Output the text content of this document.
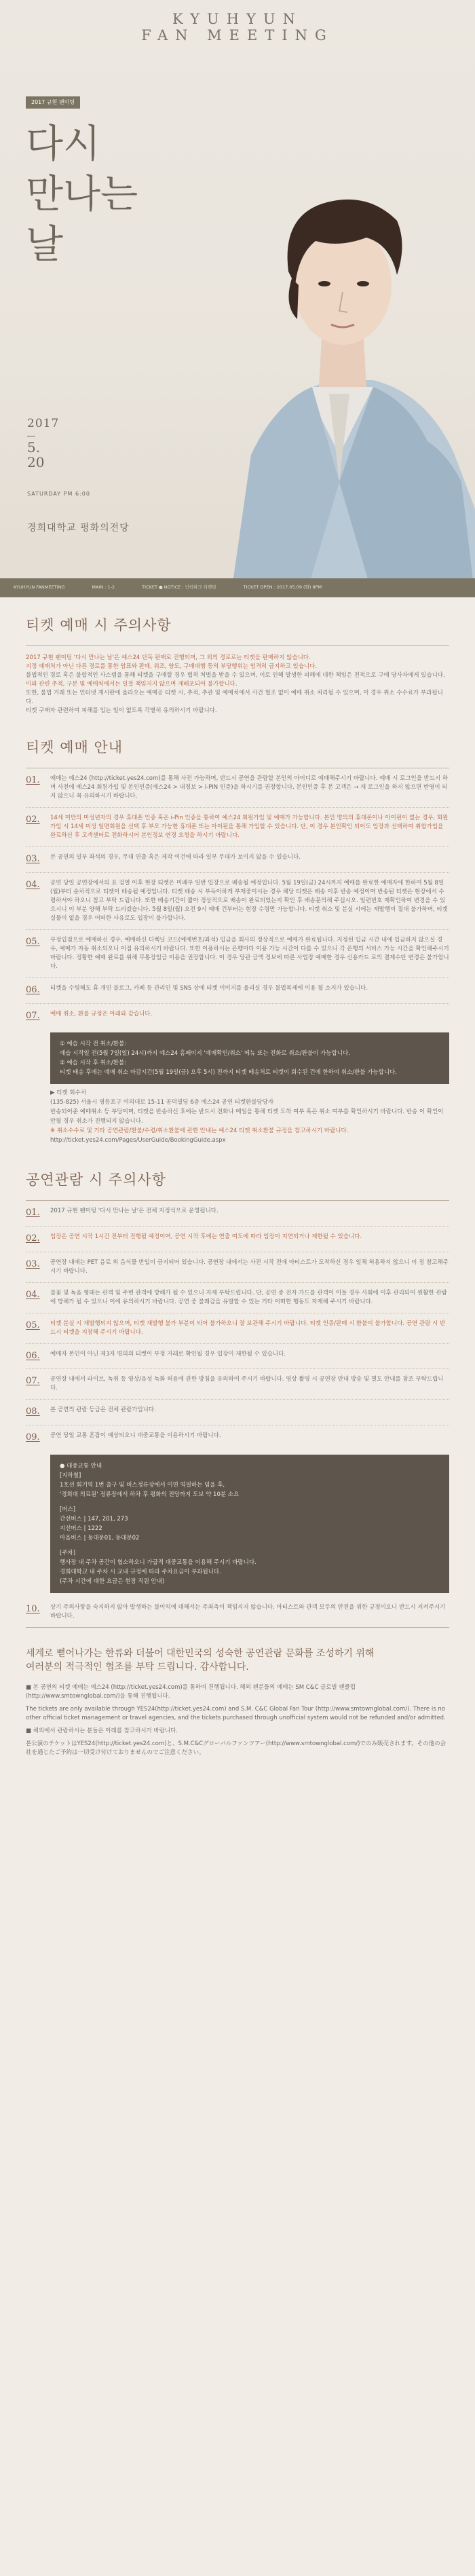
KYUHYUN
FAN MEETING
2017 규현 팬미팅
다시
만나는
날
2017
5.
20
SATURDAY PM 6:00
경희대학교 평화의전당
KYUHYUN FANMEETING	MAIN : 1-2	TICKET ● NOTICE : 인터파크 티켓팅	TICKET OPEN : 2017.05.09 (화) 8PM
티켓 예매 시 주의사항

2017 규현 팬미팅 '다시 만나는 날'은 예스24 단독 판매로 진행되며, 그 외의 경로로는 티켓을 판매하지 않습니다.

지정 예매처가 아닌 다른 경로를 통한 암표와 판매, 위조, 양도, 구매대행 등의 부당행위는 엄격히 금지하고 있습니다.

불법적인 경로 혹은 불합적인 사스템을 통해 티켓을 구매할 경우 법적 처벌을 받을 수 있으며, 이로 인해 발생한 피해에 대한 책임은 전적으로 구매 당사자에게 있습니다.

이와 관련 추적, 구분 및 예매처에서는 일절 책임지지 않으며 재배포되어 불가합니다.

또한, 불법 거래 또는 인터넷 게시판에 올라오는 예매공 티켓 시, 추적, 추관 및 예매처에서 사건 협조 없이 예매 취소 처리될 수 있으며, 이 경우 취소 수수료가 부과됩니다.

티켓 구매자 관련하여 피해를 입는 일이 없도록 각별히 유의하시기 바랍니다.

티켓 예매 안내
01.	예매는 예스24 (http://ticket.yes24.com)를 통해 사전 가능하며, 반드시 공연을 관람할 본인의 아이디로 예매해주시기 바랍니다. 예매 시 로그인을 반드시 하며 사전에 예스24 회원가입 및 본인인증(예스24 > 내정보 > i-PIN 인증)을 하시기를 권장합니다. 본인인증 후 본 고객은 → 재 로그인을 하지 않으면 반영이 되지 않으니 꼭 유의하시기 바랍니다.
02.	14세 미만의 미성년자의 경우 휴대폰 인증 혹은 i-Pin 인증을 통하여 예스24 회원가입 및 예매가 가능합니다. 본인 명의의 휴대폰이나 아이핀이 없는 경우, 회원 가입 시 14세 미성 일면회원을 선택 후 부모 가능한 휴대폰 또는 아이핀을 통해 가입할 수 있습니다. 단, 이 경우 본인확인 되어도 입장과 선택하여 취합가입을 완료하신 후 고객센터로 전화하시어 본인정보 변경 요청을 하시기 바랍니다.
03.	본 공연의 일부 좌석의 경우, 무대 연출 혹은 제작 여건에 따라 일부 무대가 보이지 않을 수 있습니다.
04.	공연 당일 공연장에서의 표 검열 이후 현장 티켓은 미배부 일반 입장으로 배송될 예정입니다. 5월 19일(금) 24시까지 예매를 완료한 예매자에 한하여 5월 8일(월)부터 순차적으로 티켓이 배송될 예정입니다. 티켓 배송 시 부득이하게 부재중이시는 경우 해당 티켓은 배송 이후 반송 예정이며 반송된 티켓은 현장에서 수령하셔야 하오니 참고 부탁 드립니다. 또한 배송기간이 짧아 정상적으로 배송이 완료되었는지 확인 후 배송문의해 주십시오. 일련번호 재확인하여 변경을 수 있으시니 이 부분 양해 부탁 드리겠습니다. 5월 8일(월) 오전 9시 예매 건부터는 현장 수령만 가능합니다. 티켓 취소 및 분실 시에는 재발행이 절대 불가하며, 티켓 실물이 없을 경우 어떠한 사유로도 입장이 불가합니다.
05.	부정입점으로 예매하신 경우, 예매하신 디렉닐 코드(예매번호/좌석) 입금을 회사의 정상적으로 예매가 완료됩니다. 지정된 입금 시간 내에 입금하지 않으실 경우, 예매가 자동 취소되오니 이점 유의하시기 바랍니다. 또한 이용하시는 은행마다 이용 가능 시간이 다를 수 있으니 각 은행의 서비스 가능 시간을 확인해주시기 바랍니다. 정황한 예매 완료를 위해 무통장입금 이용을 권장합니다. 이 경우 당관 금액 정보에 따른 사업장 예매한 경우 신용카드 로의 결제수단 변경은 불가합니다.
06.	티켓을 수령해도 휴 개인 불로그, 카페 등 관리인 및 SNS 상에 티켓 이미지를 올리실 경우 불법복제에 이용 될 소지가 있습니다.
07.	예매 취소, 환불 규정은 아래와 같습니다.
① 예습 시각 전 취소/환불:
예습 시작일 전(5월 7일(일) 24시)까지 예스24 홈페이지 '예매확인/취소' 메뉴 또는 전화로 취소/환불이 가능합니다.
② 예습 시작 후 취소/환불:
티켓 배송 후에는 예매 취소 마감시간(5월 19일(금) 오후 5시) 전까지 티켓 배송처로 티켓이 회수된 건에 한하여 취소/환불 가능합니다.
▶ 티켓 회수처
(135-825) 서울시 영등포구 여의대로 15-11 공덕빌딩 6층 예스24 공연 티켓환불담당자
반송되어준 예매취소 등 부당이며, 티켓을 반송하신 후에는 반드시 전화나 메일을 통해 티켓 도착 여부 혹은 취소 여부를 확인하시기 바랍니다. 반송 이 확인이 안될 경우 취소가 진행되지 않습니다.
※ 취소수수료 및 기타 공연관람/환불/수령/취소환불에 관한 안내는 예스24 티켓 취소환불 규정을 참고하시기 바랍니다.
http://ticket.yes24.com/Pages/UserGuide/BookingGuide.aspx
공연관람 시 주의사항
01.	2017 규현 팬미팅 '다시 만나는 날'은 전체 지정석으로 운영됩니다.
02.	입장은 공연 시작 1시간 전부터 진행될 예정이며, 공연 시작 후에는 연출 여도에 따라 입장이 지연되거나 제한될 수 있습니다.
03.	공연장 내에는 PET 음료 외 음식물 반입이 금지되어 있습니다. 공연장 내에서는 사전 시작 전에 아티스트가 도착하신 경우 일체 허용하지 않으니 이 점 참고해주시기 바랍니다.
04.	불꽃 및 녹음 형태는 관객 및 주변 관객에 방해가 될 수 있으니 자제 부탁드립니다. 단, 공연 중 전자 가드를 관객이 이들 경우 사회에 이후 관리되어 원활한 관람에 방해가 될 수 있으니 이에 유의하시기 바랍니다. 공연 중 불쾌감을 유발할 수 있는 기타 어떠한 행동도 자제해 주시기 바랍니다.
05.	티켓 분실 시 재발행되지 않으며, 티켓 재발행 불가 부분이 되어 불가하오니 잘 보관해 주시기 바랍니다. 티켓 인증/판매 시 환불이 불가합니다. 공연 관람 시 반드시 티켓을 지참해 주시기 바랍니다.
06.	예매자 본인이 아닌 제3자 명의의 티켓이 부정 거래로 확인될 경우 입장이 제한될 수 있습니다.
07.	공연장 내에서 라이브, 녹취 등 영상/음성 녹화 허용에 관한 방침을 유의하여 주시기 바랍니다. 영상 촬영 시 공연장 안내 방송 및 별도 안내를 참조 부탁드립니다.
08.	본 공연의 관람 등급은 전체 관람가입니다.
09.	공연 당일 교통 혼잡이 예상되오니 대중교통을 이용하시기 바랍니다.
● 대중교통 안내
[지하철]
1호선 회기역 1번 출구 및 버스정류장에서 이면 역필하는 덤을 후,
'경희대 의료원' 정류장에서 하차 후 평화의 전당까지 도보 약 10분 소요
[버스]
간선버스 | 147, 201, 273
지선버스 | 1222
마을버스 | 동대문01, 동대문02
[주차]
행사장 내 주차 공간이 협소하오니 가급적 대중교통을 이용해 주시기 바랍니다.
경희대학교 내 주차 시 교내 규정에 따라 주차요금이 부과됩니다.
(주차 시간에 대한 요금은 현장 직원 안내)
10.	상기 주의사항을 숙지하지 않아 발생하는 불이익에 대해서는 주최측이 책임지지 않습니다. 아티스트와 관객 모두의 안전을 위한 규정이오니 반드시 지켜주시기 바랍니다.
세계로 뻗어나가는 한류와 더불어 대한민국의 성숙한 공연관람 문화를 조성하기 위해
여러분의 적극적인 협조를 부탁 드립니다. 감사합니다.

■ 본 공연의 티켓 예매는 예스24 (http://ticket.yes24.com)를 통하여 진행됩니다. 해외 팬분들의 예매는 SM C&C 글로벌 팬클럽 (http://www.smtownglobal.com/)을 통해 진행됩니다.

The tickets are only available through YES24(http://ticket.yes24.com) and S.M. C&C Global Fan Tour (http://www.smtownglobal.com/). There is no other official ticket management or travel agencies, and the tickets purchased through unofficial system would not be refunded and/or admitted.

■ 해외에서 관람하시는 분들은 아래를 참고하시기 바랍니다.

본公演のチケットはYES24(http://ticket.yes24.com)と、S.M.C&Cグローバルファンツアー(http://www.smtownglobal.com/)でのみ販売されます。その他の会社を通じたご予約は一切受け付けておりませんのでご注意ください。
